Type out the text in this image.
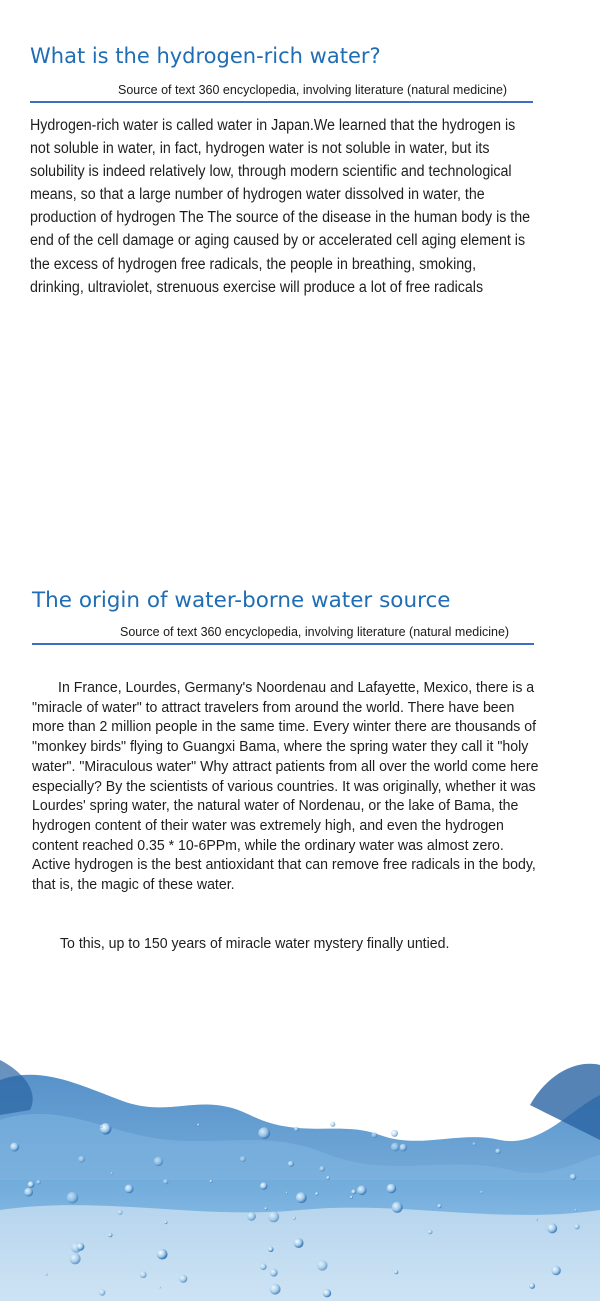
What is the hydrogen-rich water?
Source of text 360 encyclopedia, involving literature (natural medicine)

Hydrogen-rich water is called water in Japan.We learned that the hydrogen is not soluble in water, in fact, hydrogen water is not soluble in water, but its solubility is indeed relatively low, through modern scientific and technological means, so that a large number of hydrogen water dissolved in water, the production of hydrogen The The source of the disease in the human body is the end of the cell damage or aging caused by or accelerated cell aging element is the excess of hydrogen free radicals, the people in breathing, smoking, drinking, ultraviolet, strenuous exercise will produce a lot of free radicals

The origin of water-borne water source
Source of text 360 encyclopedia, involving literature (natural medicine)

In France, Lourdes, Germany's Noordenau and Lafayette, Mexico, there is a "miracle of water" to attract travelers from around the world. There have been more than 2 million people in the same time. Every winter there are thousands of "monkey birds" flying to Guangxi Bama, where the spring water they call it "holy water". "Miraculous water" Why attract patients from all over the world come here especially? By the scientists of various countries. It was originally, whether it was Lourdes' spring water, the natural water of Nordenau, or the lake of Bama, the hydrogen content of their water was extremely high, and even the hydrogen content reached 0.35 * 10-6PPm, while the ordinary water was almost zero. Active hydrogen is the best antioxidant that can remove free radicals in the body, that is, the magic of these water.

To this, up to 150 years of miracle water mystery finally untied.
